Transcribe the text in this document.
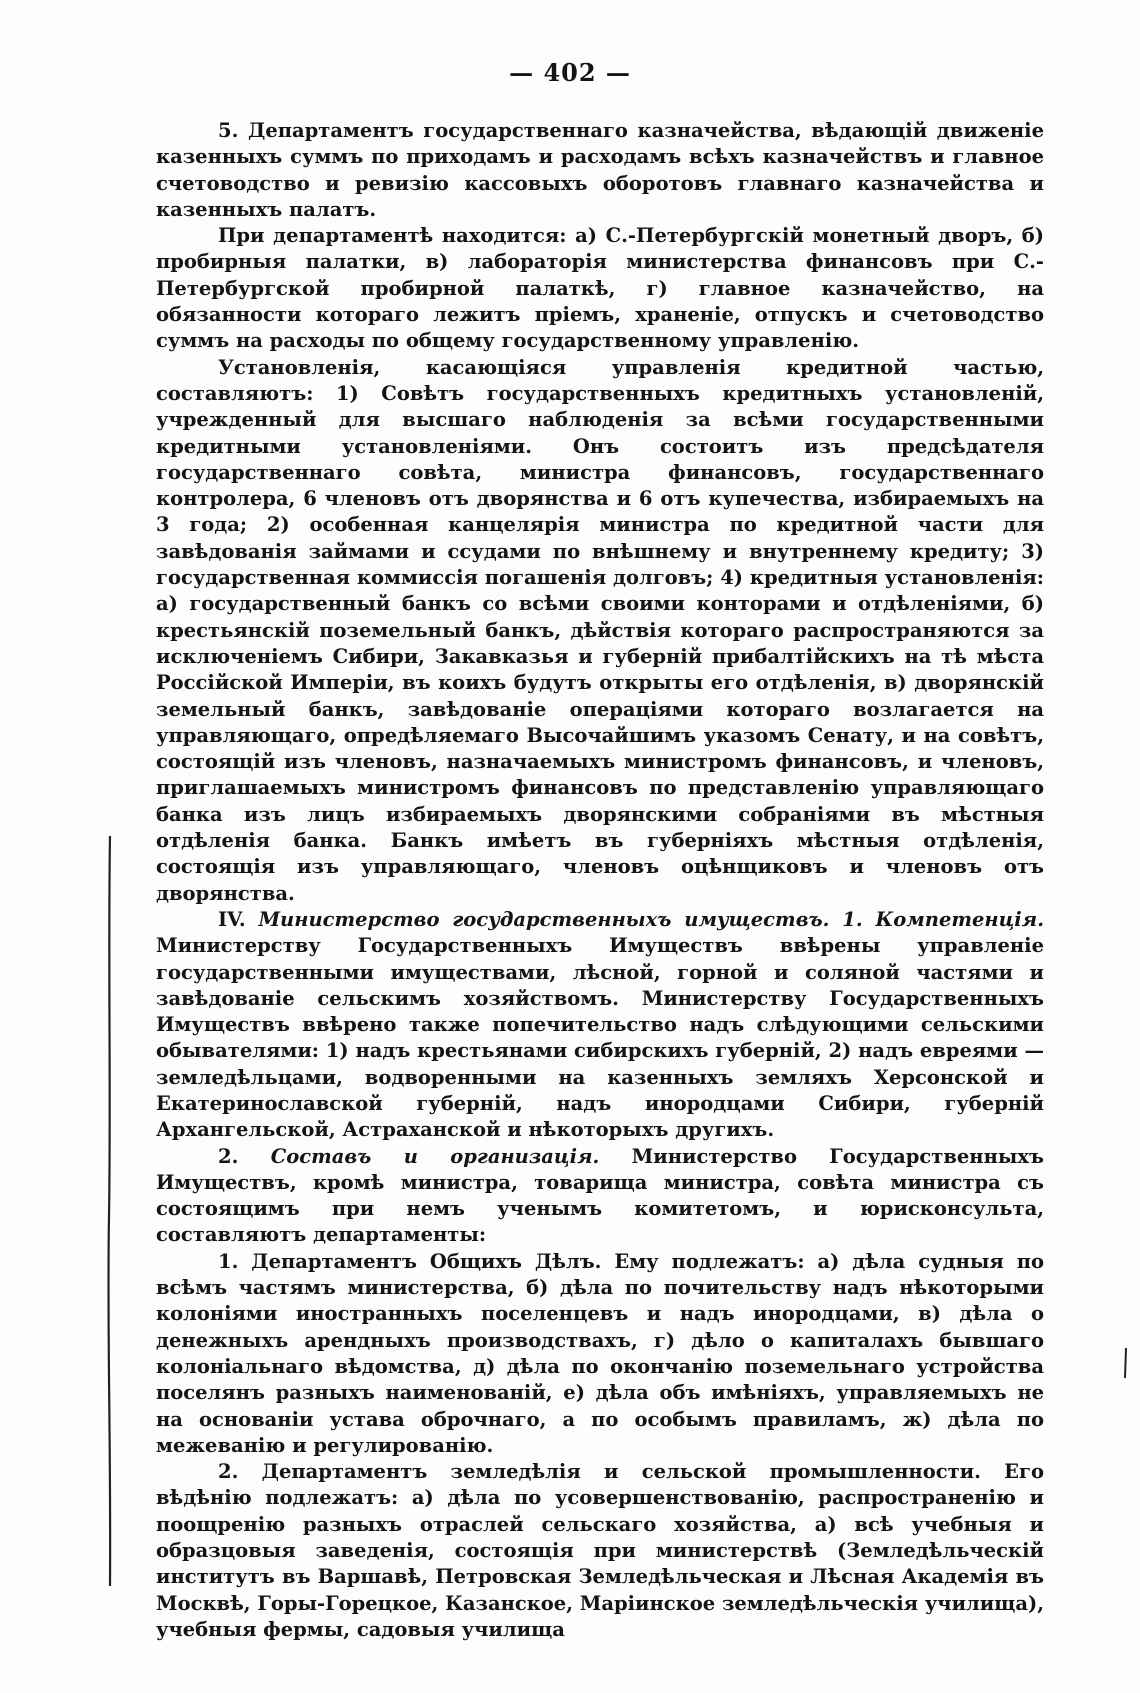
— 402 —

5. Департаментъ государственнаго казначейства, вѣдающій движеніе казенныхъ суммъ по приходамъ и расходамъ всѣхъ казначействъ и главное счетоводство и ревизію кассовыхъ оборотовъ главнаго казначейства и казенныхъ палатъ.

При департаментѣ находится: а) С.-Петербургскій монетный дворъ, б) пробирныя палатки, в) лабораторія министерства финансовъ при С.-Петербургской пробирной палаткѣ, г) главное казначейство, на обязанности котораго лежитъ пріемъ, храненіе, отпускъ и счетоводство суммъ на расходы по общему государственному управленію.

Установленія, касающіяся управленія кредитной частью, составляютъ: 1) Совѣтъ государственныхъ кредитныхъ установленій, учрежденный для высшаго наблюденія за всѣми государственными кредитными установленіями. Онъ состоитъ изъ предсѣдателя государственнаго совѣта, министра финансовъ, государственнаго контролера, 6 членовъ отъ дворянства и 6 отъ купечества, избираемыхъ на 3 года; 2) особенная канцелярія министра по кредитной части для завѣдованія займами и ссудами по внѣшнему и внутреннему кредиту; 3) государственная коммиссія погашенія долговъ; 4) кредитныя установленія: а) государственный банкъ со всѣми своими конторами и отдѣленіями, б) крестьянскій поземельный банкъ, дѣйствія котораго распространяются за исключеніемъ Сибири, Закавказья и губерній прибалтійскихъ на тѣ мѣста Россійской Имперіи, въ коихъ будутъ открыты его отдѣленія, в) дворянскій земельный банкъ, завѣдованіе операціями котораго возлагается на управляющаго, опредѣляемаго Высочайшимъ указомъ Сенату, и на совѣтъ, состоящій изъ членовъ, назначаемыхъ министромъ финансовъ, и членовъ, приглашаемыхъ министромъ финансовъ по представленію управляющаго банка изъ лицъ избираемыхъ дворянскими собраніями въ мѣстныя отдѣленія банка. Банкъ имѣетъ въ губерніяхъ мѣстныя отдѣленія, состоящія изъ управляющаго, членовъ оцѣнщиковъ и членовъ отъ дворянства.

IV. Министерство государственныхъ имуществъ. 1. Компетенція. Министерству Государственныхъ Имуществъ ввѣрены управленіе государственными имуществами, лѣсной, горной и соляной частями и завѣдованіе сельскимъ хозяйствомъ. Министерству Государственныхъ Имуществъ ввѣрено также попечительство надъ слѣдующими сельскими обывателями: 1) надъ крестьянами сибирскихъ губерній, 2) надъ евреями — земледѣльцами, водворенными на казенныхъ земляхъ Херсонской и Екатеринославской губерній, надъ инородцами Сибири, губерній Архангельской, Астраханской и нѣкоторыхъ другихъ.

2. Составъ и организація. Министерство Государственныхъ Имуществъ, кромѣ министра, товарища министра, совѣта министра съ состоящимъ при немъ ученымъ комитетомъ, и юрисконсульта, составляютъ департаменты:

1. Департаментъ Общихъ Дѣлъ. Ему подлежатъ: а) дѣла судныя по всѣмъ частямъ министерства, б) дѣла по почительству надъ нѣкоторыми колоніями иностранныхъ поселенцевъ и надъ инородцами, в) дѣла о денежныхъ арендныхъ производствахъ, г) дѣло о капиталахъ бывшаго колоніальнаго вѣдомства, д) дѣла по окончанію поземельнаго устройства поселянъ разныхъ наименованій, е) дѣла объ имѣніяхъ, управляемыхъ не на основаніи устава оброчнаго, а по особымъ правиламъ, ж) дѣла по межеванію и регулированію.

2. Департаментъ земледѣлія и сельской промышленности. Его вѣдѣнію подлежатъ: а) дѣла по усовершенствованію, распространенію и поощренію разныхъ отраслей сельскаго хозяйства, а) всѣ учебныя и образцовыя заведенія, состоящія при министерствѣ (Земледѣльческій институтъ въ Варшавѣ, Петровская Земледѣльческая и Лѣсная Академія въ Москвѣ, Горы-Горецкое, Казанское, Маріинское земледѣльческія училища), учебныя фермы, садовыя училища
